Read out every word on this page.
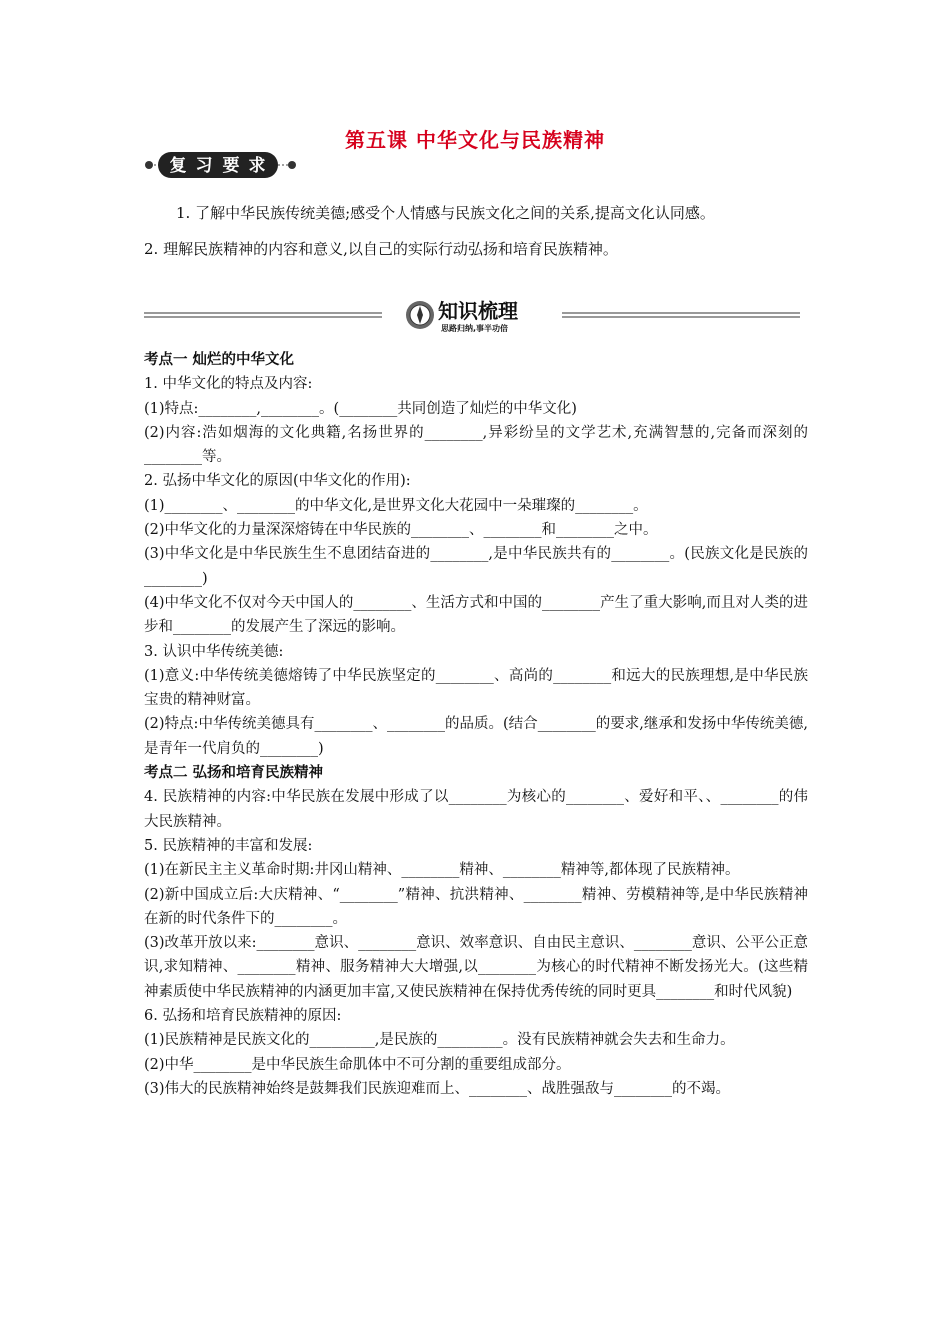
第五课 中华文化与民族精神
复 习 要 求
1. 了解中华民族传统美德;感受个人情感与民族文化之间的关系,提高文化认同感。
2. 理解民族精神的内容和意义,以自己的实际行动弘扬和培育民族精神。
知识梳理
思路归纳,事半功倍

考点一 灿烂的中华文化

1. 中华文化的特点及内容:

(1)特点:________,________。(________共同创造了灿烂的中华文化)

(2)内容:浩如烟海的文化典籍,名扬世界的________,异彩纷呈的文学艺术,充满智慧的,完备而深刻的________等。

2. 弘扬中华文化的原因(中华文化的作用):

(1)________、________的中华文化,是世界文化大花园中一朵璀璨的________。

(2)中华文化的力量深深熔铸在中华民族的________、________和________之中。

(3)中华文化是中华民族生生不息团结奋进的________,是中华民族共有的________。(民族文化是民族的________)

(4)中华文化不仅对今天中国人的________、生活方式和中国的________产生了重大影响,而且对人类的进步和________的发展产生了深远的影响。

3. 认识中华传统美德:

(1)意义:中华传统美德熔铸了中华民族坚定的________、高尚的________和远大的民族理想,是中华民族宝贵的精神财富。

(2)特点:中华传统美德具有________、________的品质。(结合________的要求,继承和发扬中华传统美德,是青年一代肩负的________)

考点二 弘扬和培育民族精神

4. 民族精神的内容:中华民族在发展中形成了以________为核心的________、爱好和平、、________的伟大民族精神。

5. 民族精神的丰富和发展:

(1)在新民主主义革命时期:井冈山精神、________精神、________精神等,都体现了民族精神。

(2)新中国成立后:大庆精神、“________”精神、抗洪精神、________精神、劳模精神等,是中华民族精神在新的时代条件下的________。

(3)改革开放以来:________意识、________意识、效率意识、自由民主意识、________意识、公平公正意识,求知精神、________精神、服务精神大大增强,以________为核心的时代精神不断发扬光大。(这些精神素质使中华民族精神的内涵更加丰富,又使民族精神在保持优秀传统的同时更具________和时代风貌)

6. 弘扬和培育民族精神的原因:

(1)民族精神是民族文化的_________,是民族的_________。没有民族精神就会失去和生命力。

(2)中华________是中华民族生命肌体中不可分割的重要组成部分。

(3)伟大的民族精神始终是鼓舞我们民族迎难而上、________、战胜强敌与________的不竭。
